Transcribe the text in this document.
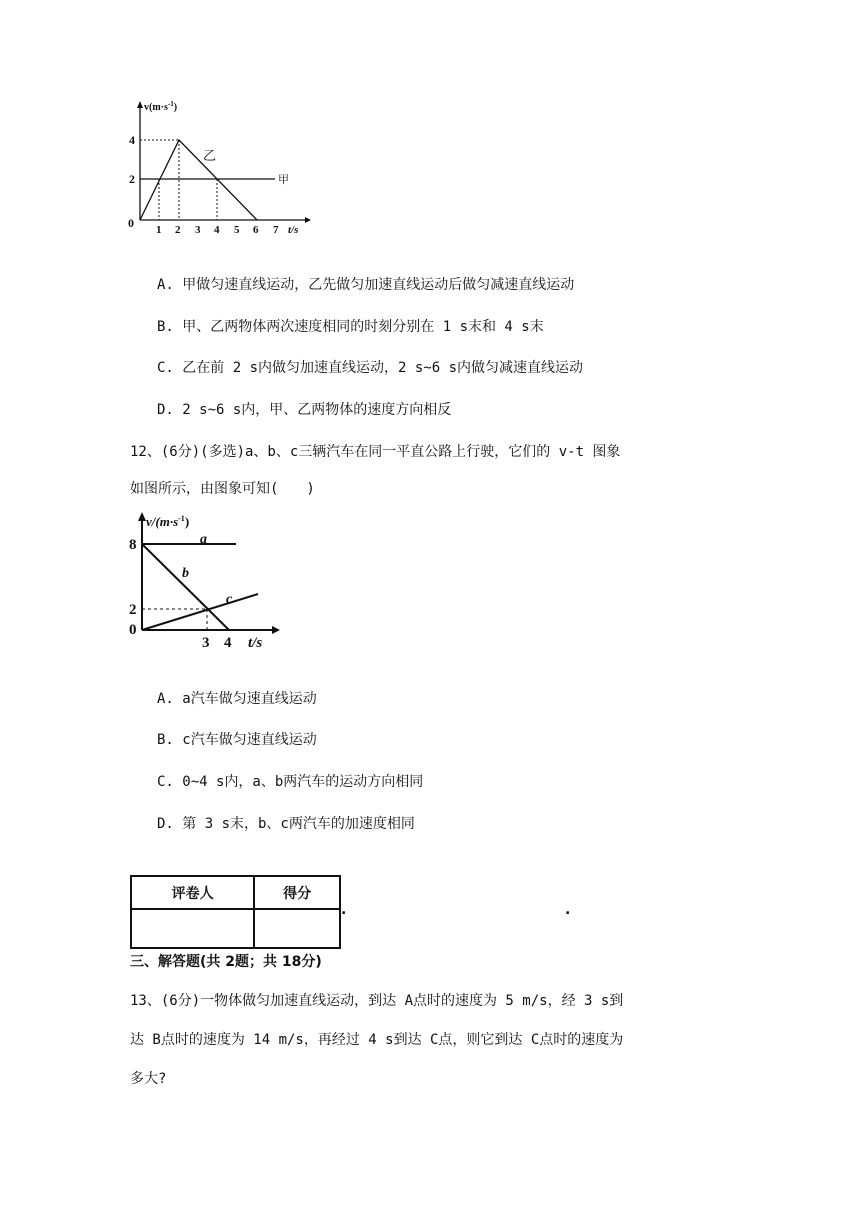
$v(m\cdot s^{-1})$
4
2
0 1 2 3 4 5 6 7 t/s
乙
甲
A. 甲做匀速直线运动，乙先做匀加速直线运动后做匀减速直线运动
B. 甲、乙两物体两次速度相同的时刻分别在 1 s末和 4 s末
C. 乙在前 2 s内做匀加速直线运动，2 s~6 s内做匀减速直线运动
D. 2 s~6 s内，甲、乙两物体的速度方向相反
12、(6分)(多选)a、b、c三辆汽车在同一平直公路上行驶，它们的 v-t 图象
如图所示，由图象可知(　　)
$v/(m\cdot s^{-1})$
8
2
0
3 4 t/s
a
b
c
A. a汽车做匀速直线运动
B. c汽车做匀速直线运动
C. 0~4 s内，a、b两汽车的运动方向相同
D. 第 3 s末，b、c两汽车的加速度相同
评卷人	得分

.	.
三、解答题(共 2题；共 18分)
13、(6分)一物体做匀加速直线运动，到达 A点时的速度为 5 m/s，经 3 s到
达 B点时的速度为 14 m/s，再经过 4 s到达 C点，则它到达 C点时的速度为
多大?
